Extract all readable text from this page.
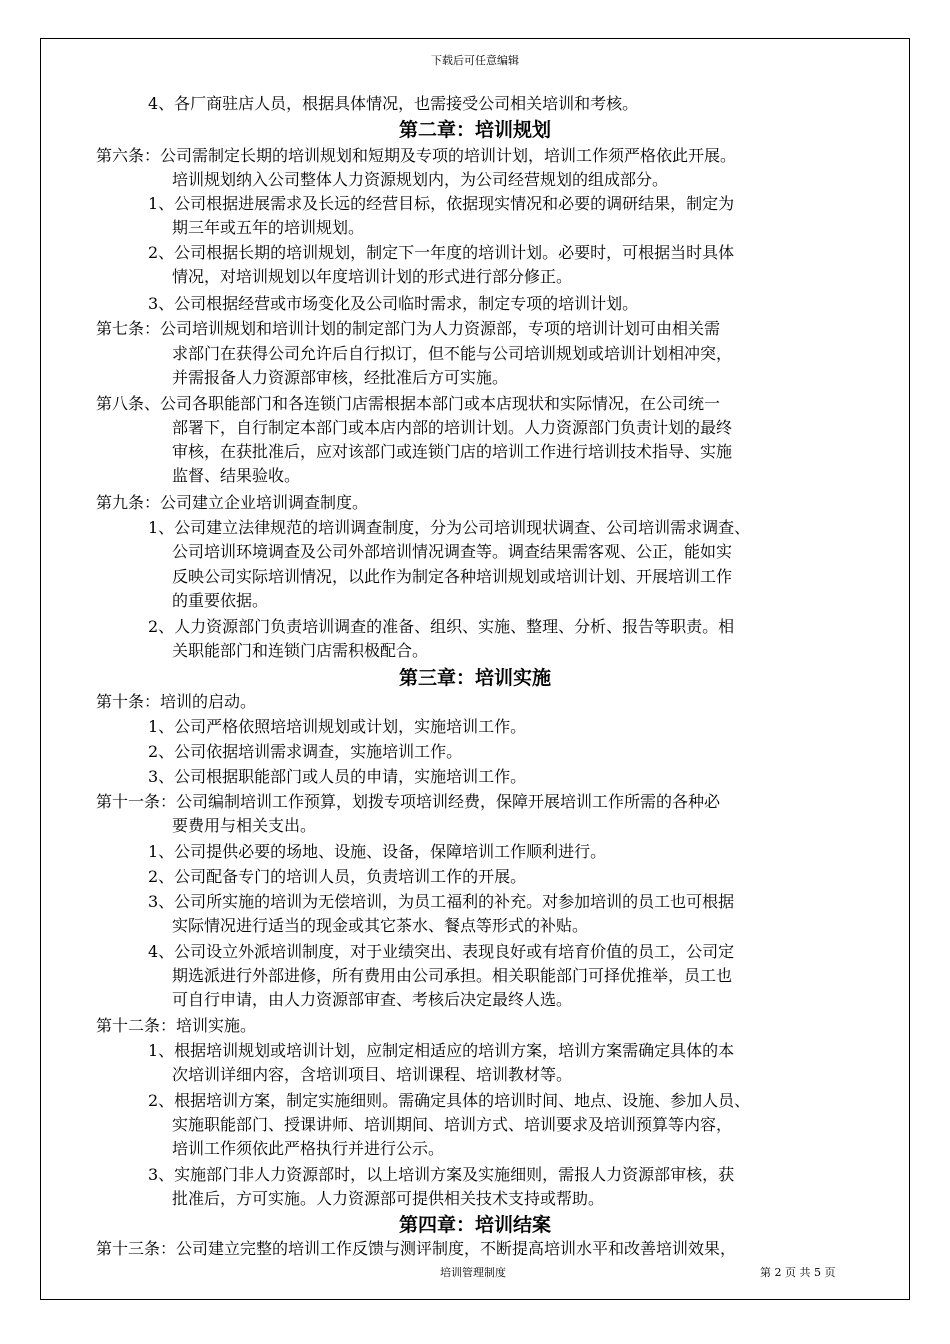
下载后可任意编辑
4、各厂商驻店人员，根据具体情况，也需接受公司相关培训和考核。
第二章：培训规划
第六条：公司需制定长期的培训规划和短期及专项的培训计划，培训工作须严格依此开展。
培训规划纳入公司整体人力资源规划内，为公司经营规划的组成部分。
1、公司根据进展需求及长远的经营目标，依据现实情况和必要的调研结果，制定为
期三年或五年的培训规划。
2、公司根据长期的培训规划，制定下一年度的培训计划。必要时，可根据当时具体
情况，对培训规划以年度培训计划的形式进行部分修正。
3、公司根据经营或市场变化及公司临时需求，制定专项的培训计划。
第七条：公司培训规划和培训计划的制定部门为人力资源部，专项的培训计划可由相关需
求部门在获得公司允许后自行拟订，但不能与公司培训规划或培训计划相冲突，
并需报备人力资源部审核，经批准后方可实施。
第八条、公司各职能部门和各连锁门店需根据本部门或本店现状和实际情况，在公司统一
部署下，自行制定本部门或本店内部的培训计划。人力资源部门负责计划的最终
审核，在获批准后，应对该部门或连锁门店的培训工作进行培训技术指导、实施
监督、结果验收。
第九条：公司建立企业培训调查制度。
1、公司建立法律规范的培训调查制度，分为公司培训现状调查、公司培训需求调查、
公司培训环境调查及公司外部培训情况调查等。调查结果需客观、公正，能如实
反映公司实际培训情况，以此作为制定各种培训规划或培训计划、开展培训工作
的重要依据。
2、人力资源部门负责培训调查的准备、组织、实施、整理、分析、报告等职责。相
关职能部门和连锁门店需积极配合。
第三章：培训实施
第十条：培训的启动。
1、公司严格依照培培训规划或计划，实施培训工作。
2、公司依据培训需求调查，实施培训工作。
3、公司根据职能部门或人员的申请，实施培训工作。
第十一条：公司编制培训工作预算，划拨专项培训经费，保障开展培训工作所需的各种必
要费用与相关支出。
1、公司提供必要的场地、设施、设备，保障培训工作顺利进行。
2、公司配备专门的培训人员，负责培训工作的开展。
3、公司所实施的培训为无偿培训，为员工福利的补充。对参加培训的员工也可根据
实际情况进行适当的现金或其它茶水、餐点等形式的补贴。
4、公司设立外派培训制度，对于业绩突出、表现良好或有培育价值的员工，公司定
期选派进行外部进修，所有费用由公司承担。相关职能部门可择优推举，员工也
可自行申请，由人力资源部审查、考核后决定最终人选。
第十二条：培训实施。
1、根据培训规划或培训计划，应制定相适应的培训方案，培训方案需确定具体的本
次培训详细内容，含培训项目、培训课程、培训教材等。
2、根据培训方案，制定实施细则。需确定具体的培训时间、地点、设施、参加人员、
实施职能部门、授课讲师、培训期间、培训方式、培训要求及培训预算等内容，
培训工作须依此严格执行并进行公示。
3、实施部门非人力资源部时，以上培训方案及实施细则，需报人力资源部审核，获
批准后，方可实施。人力资源部可提供相关技术支持或帮助。
第四章：培训结案
第十三条：公司建立完整的培训工作反馈与测评制度，不断提高培训水平和改善培训效果，
培训管理制度	第 2 页 共 5 页
